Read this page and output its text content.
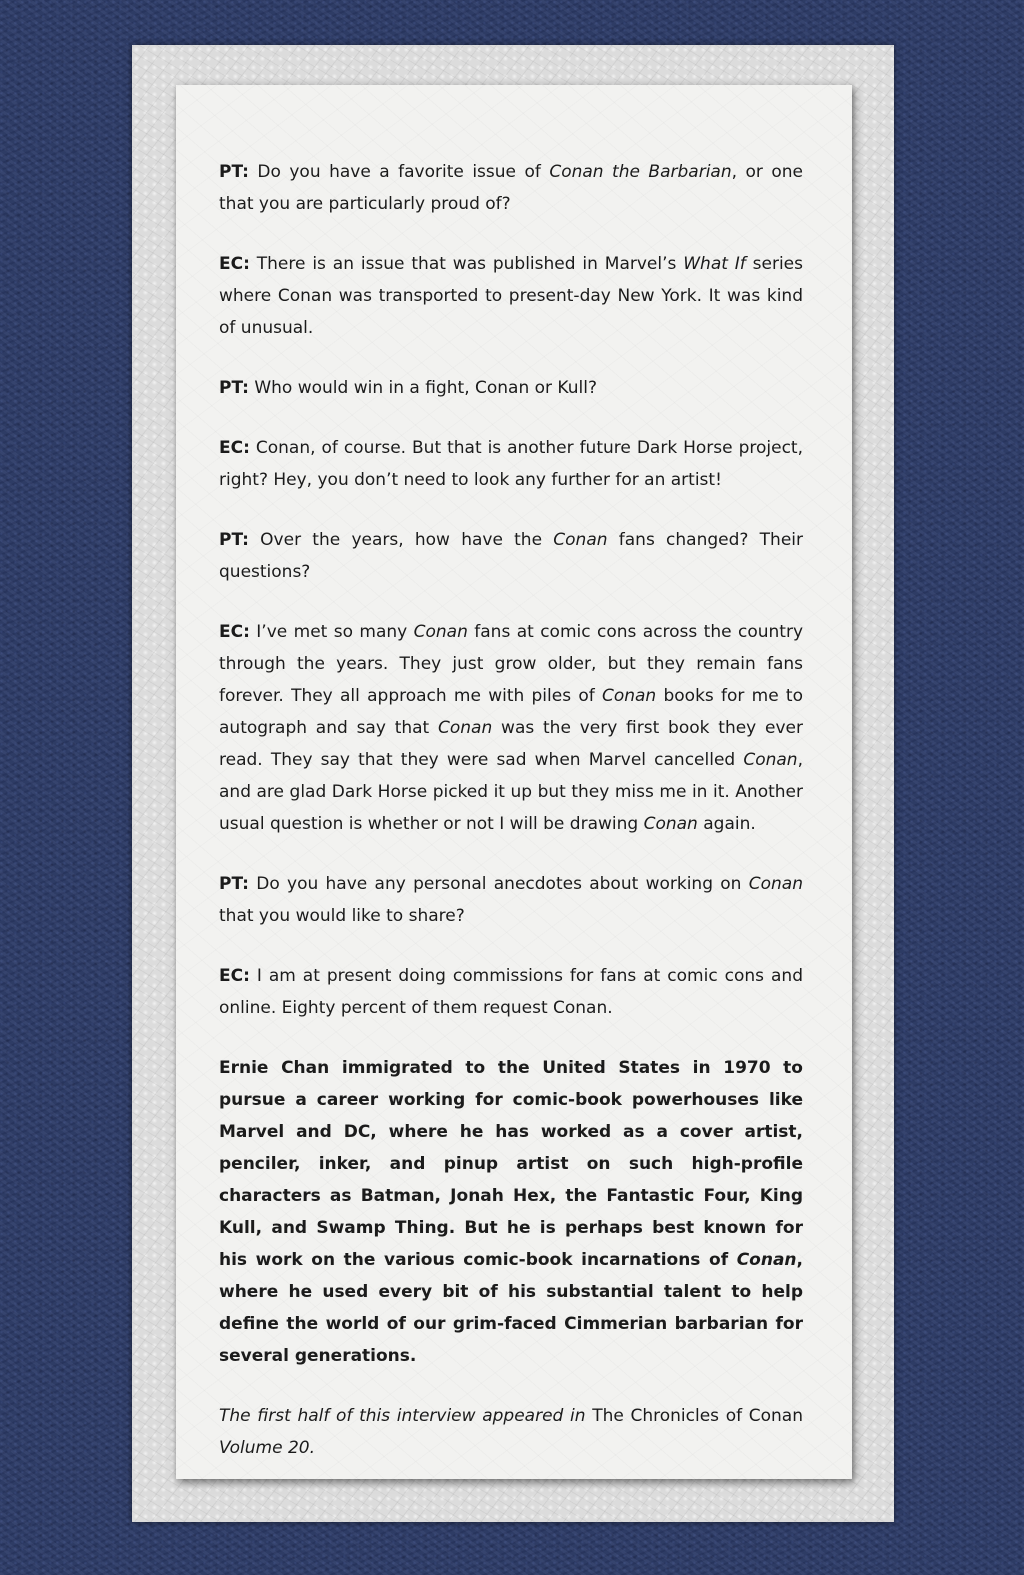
PT: Do you have a favorite issue of Conan the Barbarian, or one that you are particularly proud of?

EC: There is an issue that was published in Marvel’s What If series where Conan was transported to present-day New York. It was kind of unusual.

PT: Who would win in a fight, Conan or Kull?

EC: Conan, of course. But that is another future Dark Horse project, right? Hey, you don’t need to look any further for an artist!

PT: Over the years, how have the Conan fans changed? Their questions?

EC: I’ve met so many Conan fans at comic cons across the country through the years. They just grow older, but they remain fans forever. They all approach me with piles of Conan books for me to autograph and say that Conan was the very first book they ever read. They say that they were sad when Marvel cancelled Conan, and are glad Dark Horse picked it up but they miss me in it. Another usual question is whether or not I will be drawing Conan again.

PT: Do you have any personal anecdotes about working on Conan that you would like to share?

EC: I am at present doing commissions for fans at comic cons and online. Eighty percent of them request Conan.

Ernie Chan immigrated to the United States in 1970 to pursue a career working for comic-book powerhouses like Marvel and DC, where he has worked as a cover artist, penciler, inker, and pinup artist on such high-profile characters as Batman, Jonah Hex, the Fantastic Four, King Kull, and Swamp Thing. But he is perhaps best known for his work on the various comic-book incarnations of Conan, where he used every bit of his substantial talent to help define the world of our grim-faced Cimmerian barbarian for several generations.

The first half of this interview appeared in The Chronicles of Conan Volume 20.
